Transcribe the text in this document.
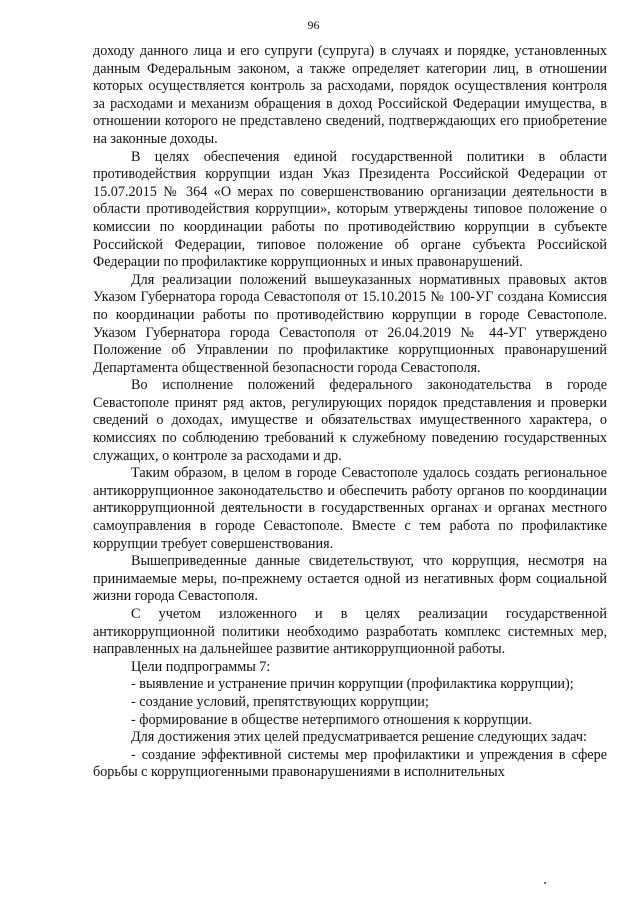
96

доходу данного лица и его супруги (супруга) в случаях и порядке, установленных данным Федеральным законом, а также определяет категории лиц, в отношении которых осуществляется контроль за расходами, порядок осуществления контроля за расходами и механизм обращения в доход Российской Федерации имущества, в отношении которого не представлено сведений, подтверждающих его приобретение на законные доходы.

В целях обеспечения единой государственной политики в области противодействия коррупции издан Указ Президента Российской Федерации от 15.07.2015 № 364 «О мерах по совершенствованию организации деятельности в области противодействия коррупции», которым утверждены типовое положение о комиссии по координации работы по противодействию коррупции в субъекте Российской Федерации, типовое положение об органе субъекта Российской Федерации по профилактике коррупционных и иных правонарушений.

Для реализации положений вышеуказанных нормативных правовых актов Указом Губернатора города Севастополя от 15.10.2015 № 100-УГ создана Комиссия по координации работы по противодействию коррупции в городе Севастополе. Указом Губернатора города Севастополя от 26.04.2019 № 44-УГ утверждено Положение об Управлении по профилактике коррупционных правонарушений Департамента общественной безопасности города Севастополя.

Во исполнение положений федерального законодательства в городе Севастополе принят ряд актов, регулирующих порядок представления и проверки сведений о доходах, имуществе и обязательствах имущественного характера, о комиссиях по соблюдению требований к служебному поведению государственных служащих, о контроле за расходами и др.

Таким образом, в целом в городе Севастополе удалось создать региональное антикоррупционное законодательство и обеспечить работу органов по координации антикоррупционной деятельности в государственных органах и органах местного самоуправления в городе Севастополе. Вместе с тем работа по профилактике коррупции требует совершенствования.

Вышеприведенные данные свидетельствуют, что коррупция, несмотря на принимаемые меры, по-прежнему остается одной из негативных форм социальной жизни города Севастополя.

С учетом изложенного и в целях реализации государственной антикоррупционной политики необходимо разработать комплекс системных мер, направленных на дальнейшее развитие антикоррупционной работы.

Цели подпрограммы 7:

- выявление и устранение причин коррупции (профилактика коррупции);
- создание условий, препятствующих коррупции;
- формирование в обществе нетерпимого отношения к коррупции.

Для достижения этих целей предусматривается решение следующих задач:

- создание эффективной системы мер профилактики и упреждения в сфере борьбы с коррупциогенными правонарушениями в исполнительных
